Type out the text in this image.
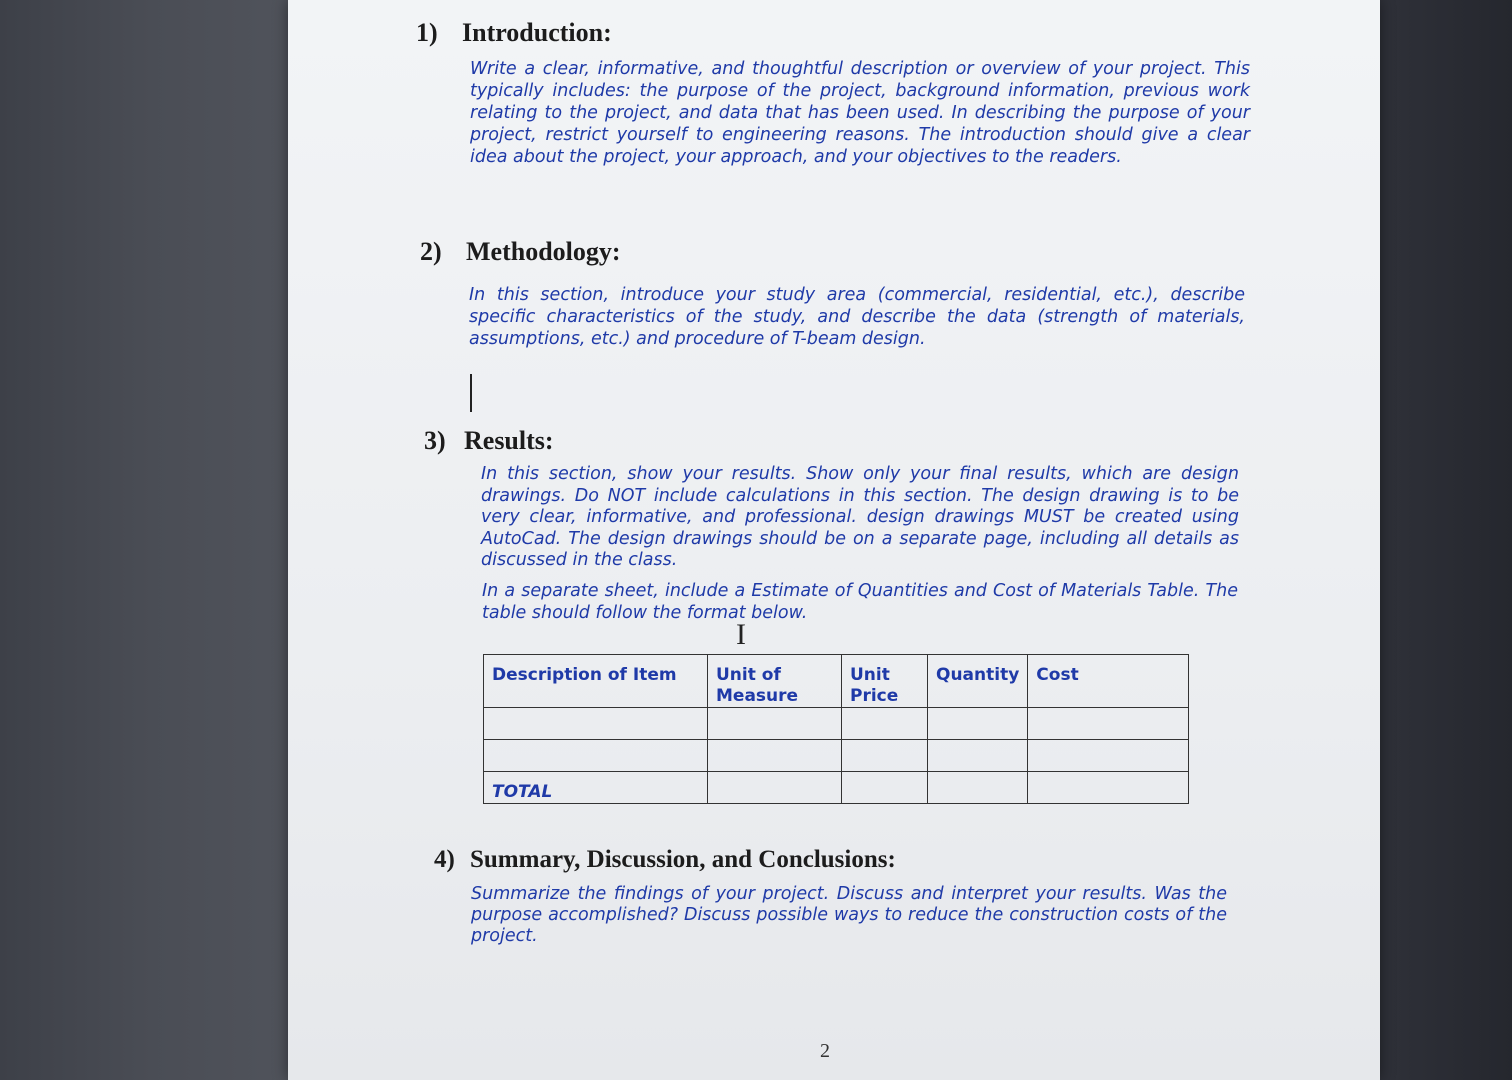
1) Introduction:

Write a clear, informative, and thoughtful description or overview of your project. This typically includes: the purpose of the project, background information, previous work relating to the project, and data that has been used. In describing the purpose of your project, restrict yourself to engineering reasons. The introduction should give a clear idea about the project, your approach, and your objectives to the readers.

2) Methodology:

In this section, introduce your study area (commercial, residential, etc.), describe specific characteristics of the study, and describe the data (strength of materials, assumptions, etc.) and procedure of T-beam design.

3) Results:

In this section, show your results. Show only your final results, which are design drawings. Do NOT include calculations in this section. The design drawing is to be very clear, informative, and professional. design drawings MUST be created using AutoCad. The design drawings should be on a separate page, including all details as discussed in the class.

In a separate sheet, include a Estimate of Quantities and Cost of Materials Table. The table should follow the format below.

I
Description of Item	Unit of Measure	Unit Price	Quantity	Cost

TOTAL				
4) Summary, Discussion, and Conclusions:

Summarize the findings of your project. Discuss and interpret your results. Was the purpose accomplished? Discuss possible ways to reduce the construction costs of the project.

2
